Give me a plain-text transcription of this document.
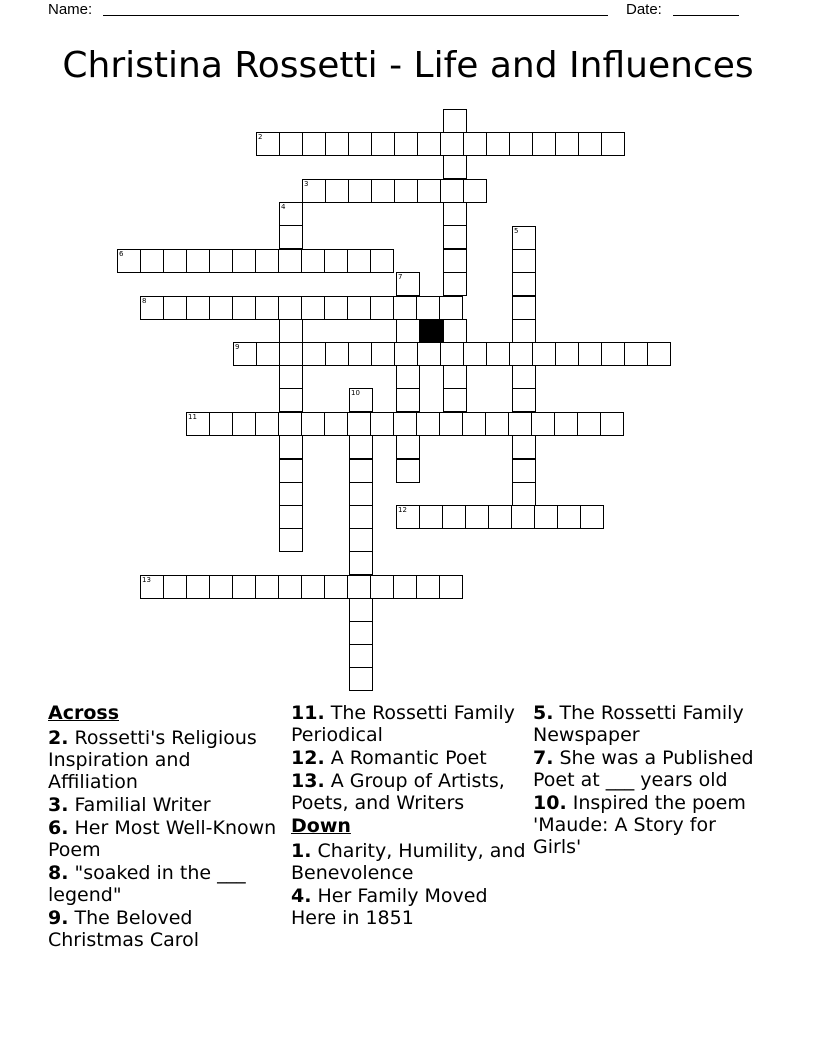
Name:	Date:
Christina Rossetti - Life and Influences
2
3
4
5
6
7
8
9
10
11
12
13
Across
2. Rossetti's Religious Inspiration and Affiliation
3. Familial Writer
6. Her Most Well-Known Poem
8. "soaked in the ___ legend"
9. The Beloved Christmas Carol
11. The Rossetti Family Periodical
12. A Romantic Poet
13. A Group of Artists, Poets, and Writers
Down
1. Charity, Humility, and Benevolence
4. Her Family Moved Here in 1851
5. The Rossetti Family Newspaper
7. She was a Published Poet at ___ years old
10. Inspired the poem 'Maude: A Story for Girls'
